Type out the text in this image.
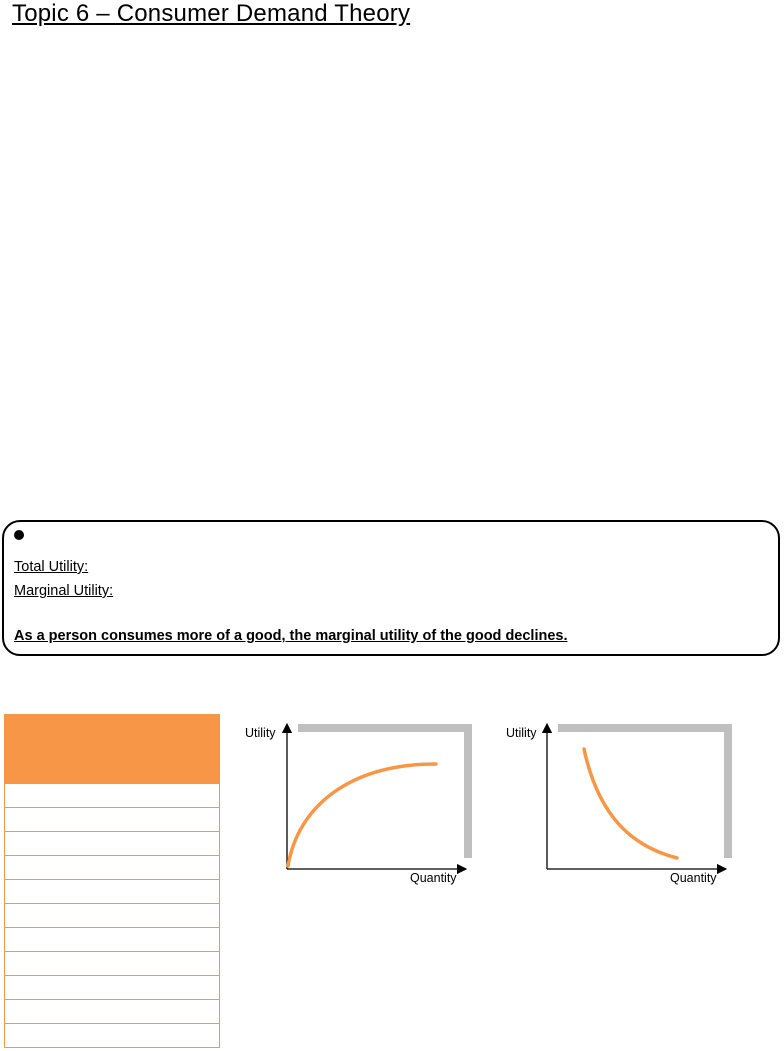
Topic 6 – Consumer Demand Theory
Total Utility:
Marginal Utility:
As a person consumes more of a good, the marginal utility of the good declines.
Utility
Quantity
Utility
Quantity
